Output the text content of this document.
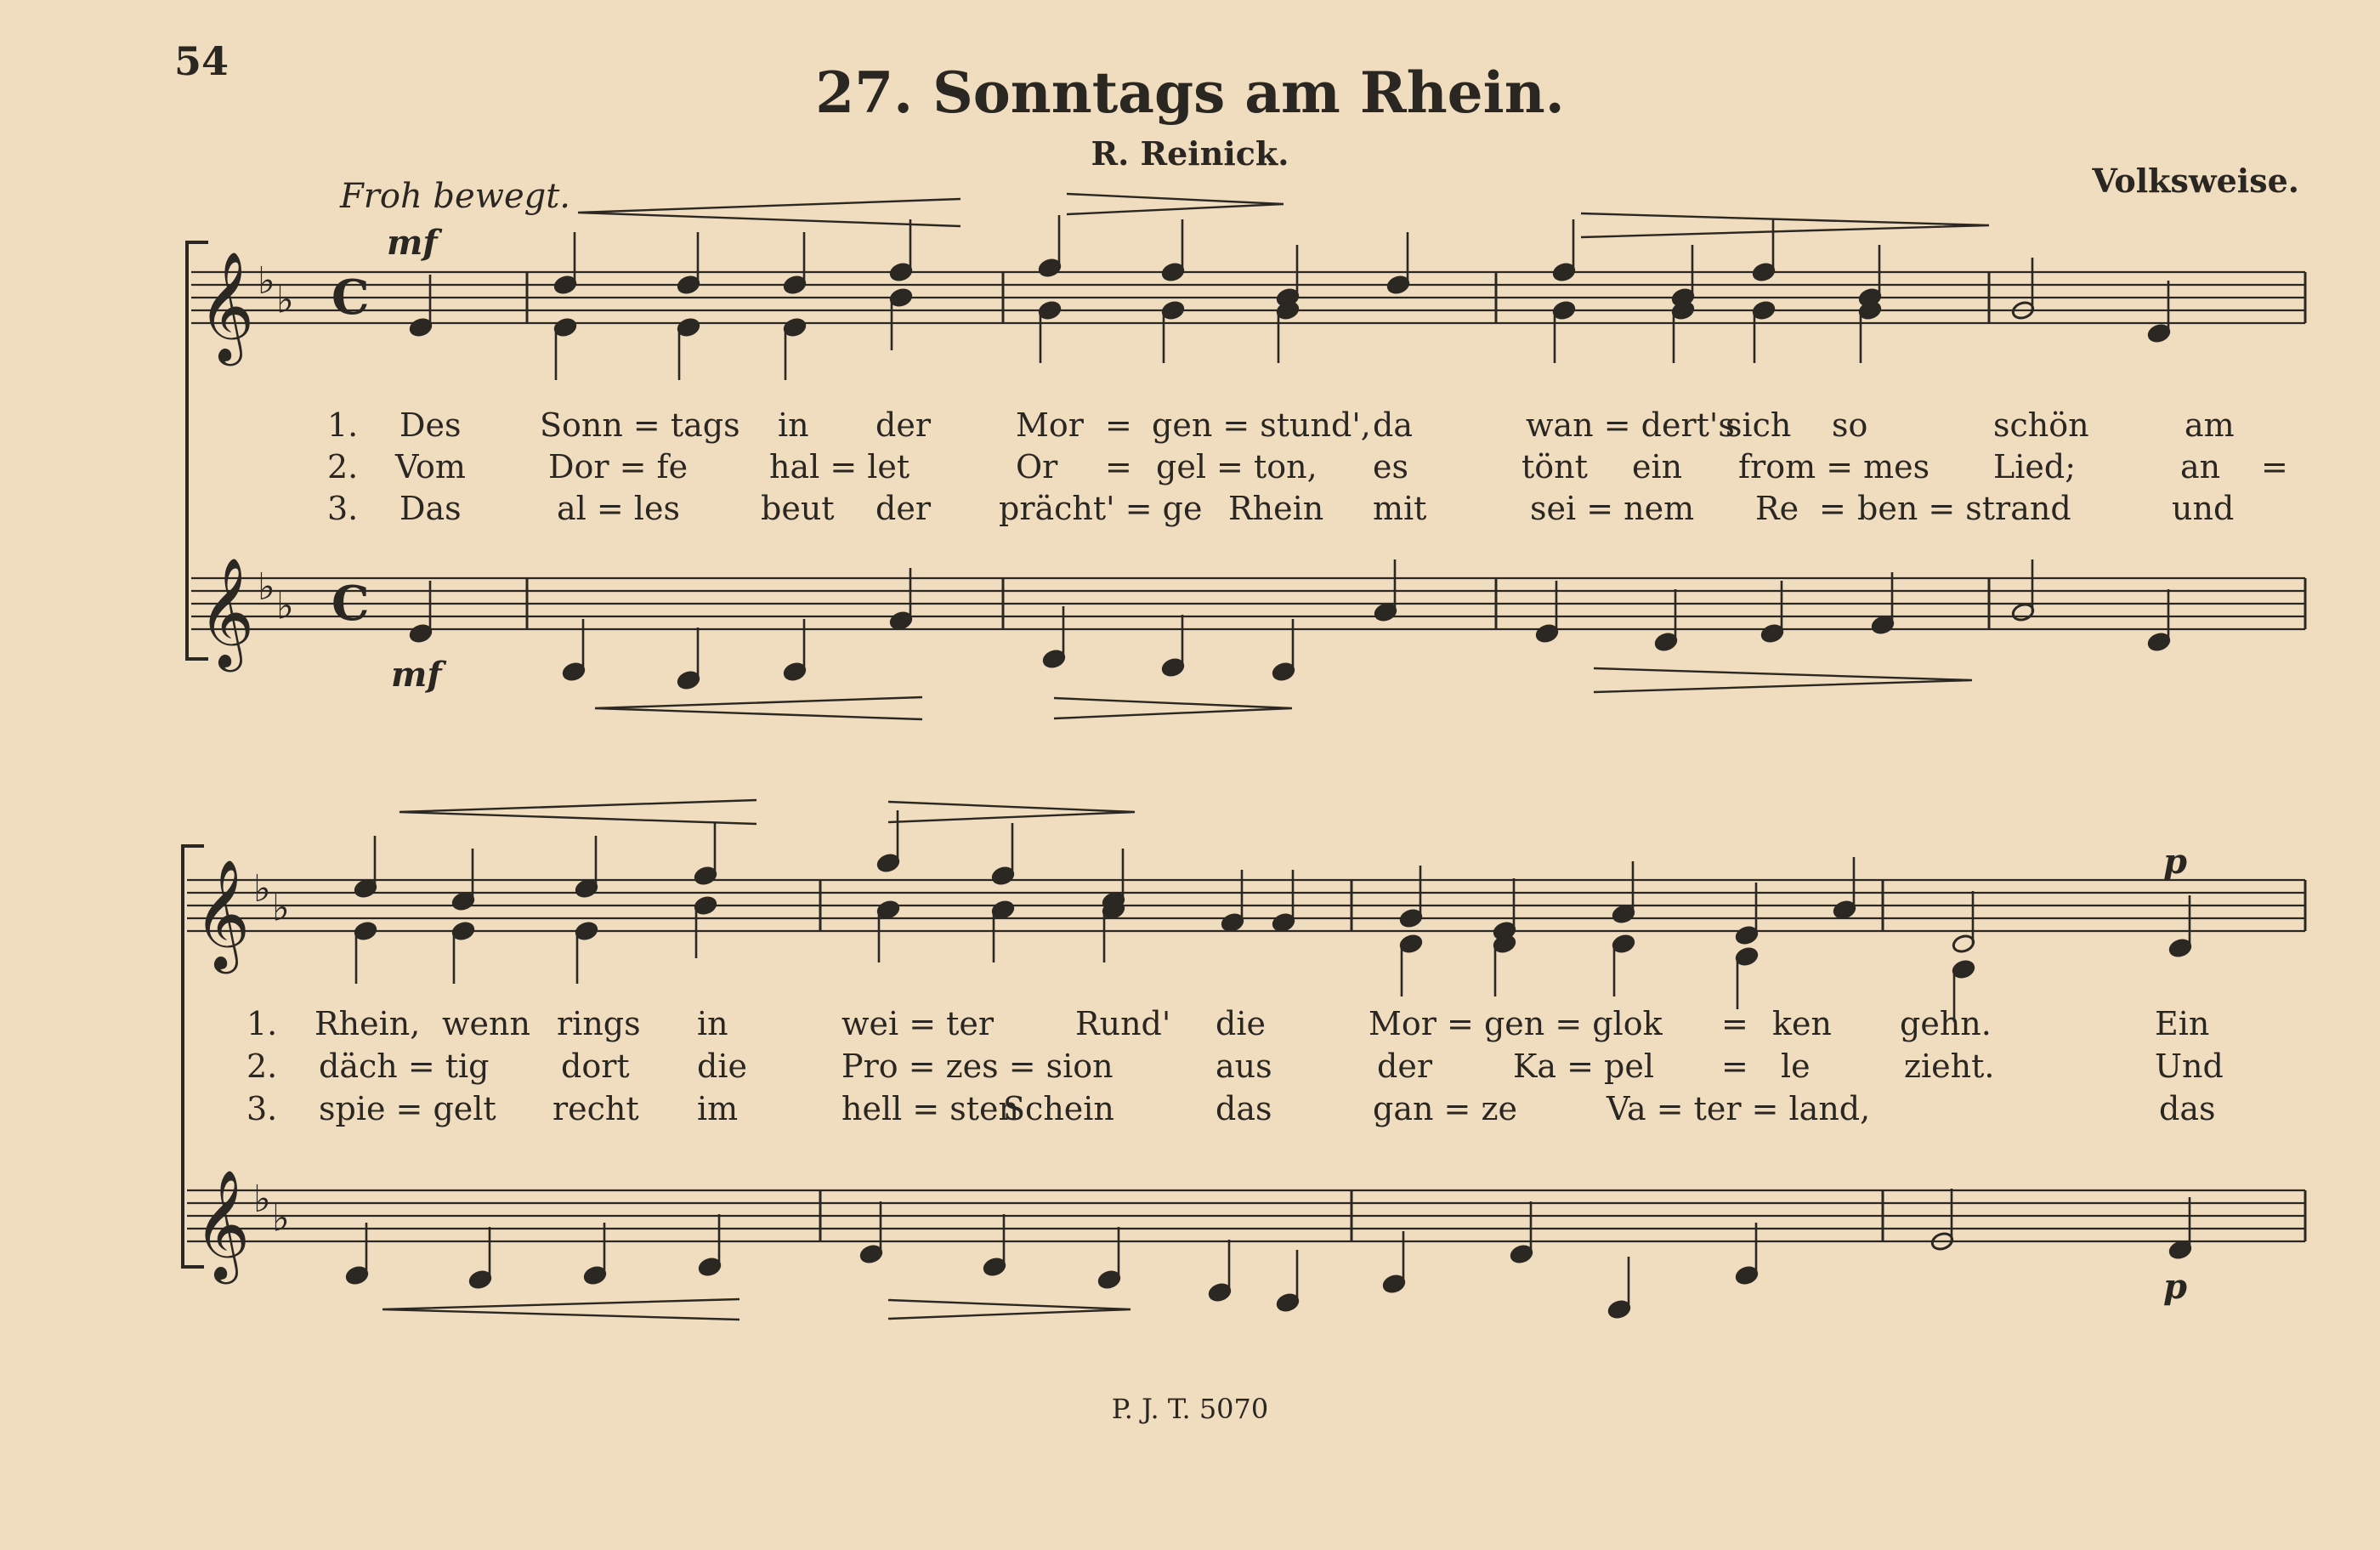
54	27. Sonntags am Rhein.
R. Reinick.
Volksweise.
Froh bewegt.
mf
mf
p
p
𝄞 ♭ ♭
𝄞 ♭ ♭
C
C
𝄞 ♭ ♭
𝄞 ♭ ♭
1. Des Sonn = tags in der	Mor = gen = stund', da	wan = dert's
sich so	schön	am
2. Vom	Dor = fe	hal = let	Or = gel = ton, es	tönt ein from = mes Lied;	an =
3. Das	al = les	beut der prächt' = ge Rhein mit	sei = nem Re = ben = strand	und
1. Rhein, wenn rings in	wei = ter	Rund' die	Mor = gen = glok = ken gehn.	Ein
2. däch = tig dort die	Pro = zes = sion	aus	der	Ka = pel = le	zieht.	Und
3. spie = gelt recht im	hell = sten
Schein	das	gan = ze	Va = ter = land,	das
P. J. T. 5070
